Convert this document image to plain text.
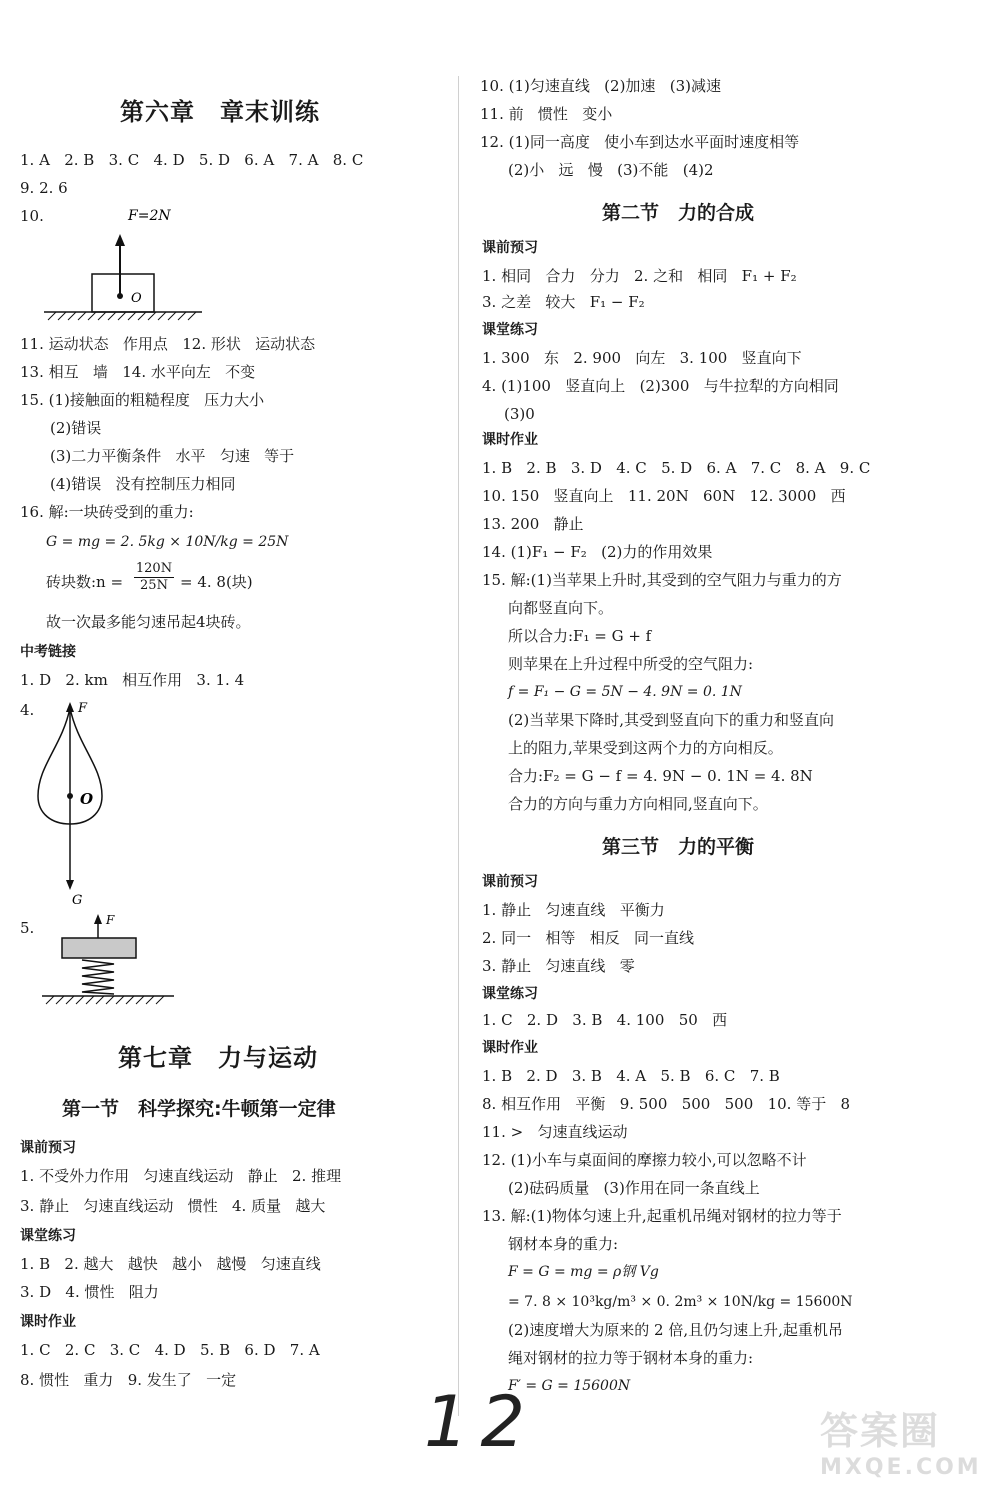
第六章　章末训练
1. A   2. B   3. C   4. D   5. D   6. A   7. A   8. C
9. 2. 6
10.	F=2N
O
11. 运动状态   作用点   12. 形状   运动状态
13. 相互   墙   14. 水平向左   不变
15. (1)接触面的粗糙程度   压力大小
(2)错误
(3)二力平衡条件   水平   匀速   等于
(4)错误   没有控制压力相同
16. 解:一块砖受到的重力:
G = mg = 2. 5kg × 10N/kg = 25N
砖块数:n = $\frac{120N}{25N} = 4$. 8(块)
故一次最多能匀速吊起4块砖。
中考链接
1. D   2. km   相互作用   3. 1. 4
4.	F
O
G
5.	F
第七章　力与运动
第一节　科学探究:牛顿第一定律
课前预习
1. 不受外力作用   匀速直线运动   静止   2. 推理
3. 静止   匀速直线运动   惯性   4. 质量   越大
课堂练习
1. B   2. 越大   越快   越小   越慢   匀速直线
3. D   4. 惯性   阻力
课时作业
1. C   2. C   3. C   4. D   5. B   6. D   7. A
8. 惯性   重力   9. 发生了   一定
10. (1)匀速直线   (2)加速   (3)减速
11. 前   惯性   变小
12. (1)同一高度   使小车到达水平面时速度相等
(2)小   远   慢   (3)不能   (4)2
第二节　力的合成
课前预习
1. 相同   合力   分力   2. 之和   相同   F₁ + F₂
3. 之差   较大   F₁ − F₂
课堂练习
1. 300   东   2. 900   向左   3. 100   竖直向下
4. (1)100   竖直向上   (2)300   与牛拉犁的方向相同
(3)0
课时作业
1. B   2. B   3. D   4. C   5. D   6. A   7. C   8. A   9. C
10. 150   竖直向上   11. 20N   60N   12. 3000   西
13. 200   静止
14. (1)F₁ − F₂   (2)力的作用效果
15. 解:(1)当苹果上升时,其受到的空气阻力与重力的方
向都竖直向下。
所以合力:F₁ = G + f
则苹果在上升过程中所受的空气阻力:
f = F₁ − G = 5N − 4. 9N = 0. 1N
(2)当苹果下降时,其受到竖直向下的重力和竖直向
上的阻力,苹果受到这两个力的方向相反。
合力:F₂ = G − f = 4. 9N − 0. 1N = 4. 8N
合力的方向与重力方向相同,竖直向下。
第三节　力的平衡
课前预习
1. 静止   匀速直线   平衡力
2. 同一   相等   相反   同一直线
3. 静止   匀速直线   零
课堂练习
1. C   2. D   3. B   4. 100   50   西
课时作业
1. B   2. D   3. B   4. A   5. B   6. C   7. B
8. 相互作用   平衡   9. 500   500   500   10. 等于   8
11. >   匀速直线运动
12. (1)小车与桌面间的摩擦力较小,可以忽略不计
(2)砝码质量   (3)作用在同一条直线上
13. 解:(1)物体匀速上升,起重机吊绳对钢材的拉力等于
钢材本身的重力:
F = G = mg = ρ钢 Vg
= 7. 8 × 10³kg/m³ × 0. 2m³ × 10N/kg = 15600N
(2)速度增大为原来的 2 倍,且仍匀速上升,起重机吊
绳对钢材的拉力等于钢材本身的重力:
F′ = G = 15600N
12	答案圈
MXQE.COM
